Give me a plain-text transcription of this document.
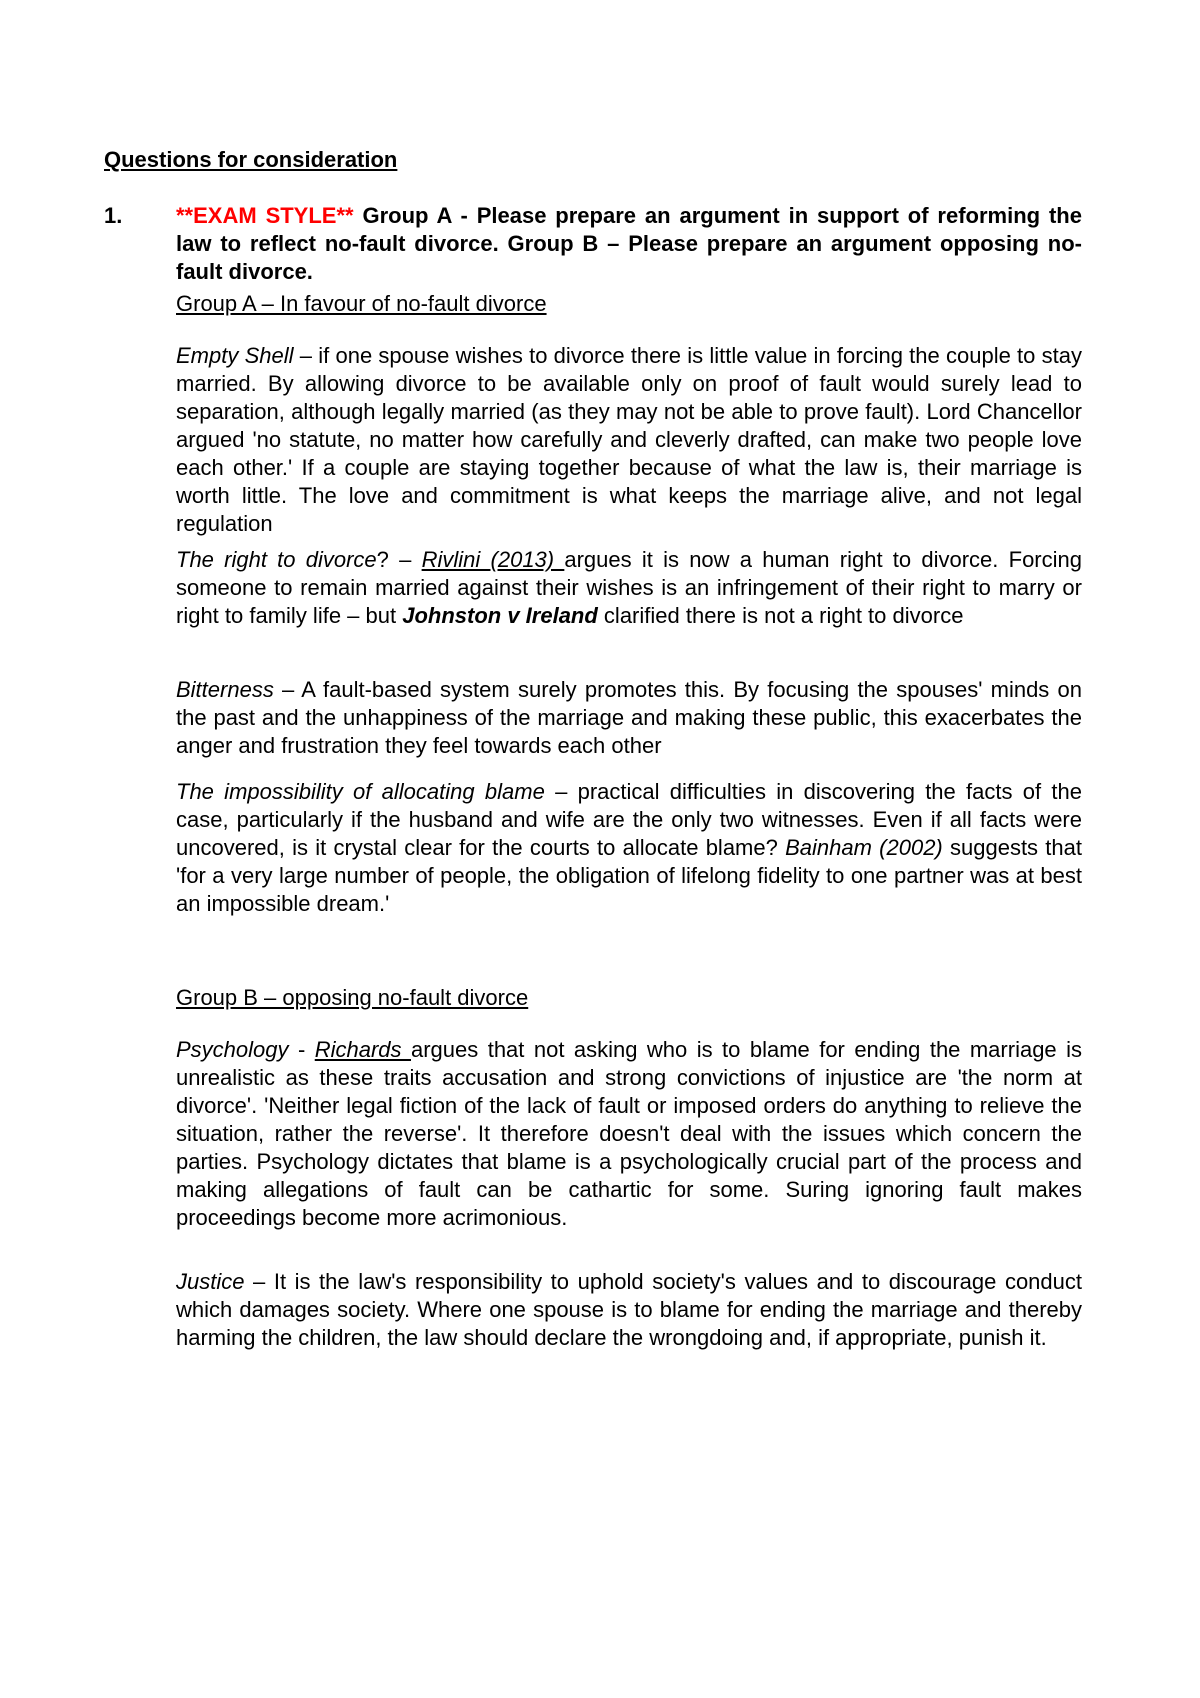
Questions for consideration
1. **EXAM STYLE** Group A - Please prepare an argument in support of reforming the law to reflect no-fault divorce. Group B – Please prepare an argument opposing no-fault divorce.

Group A – In favour of no-fault divorce

Empty Shell – if one spouse wishes to divorce there is little value in forcing the couple to stay married. By allowing divorce to be available only on proof of fault would surely lead to separation, although legally married (as they may not be able to prove fault). Lord Chancellor argued 'no statute, no matter how carefully and cleverly drafted, can make two people love each other.' If a couple are staying together because of what the law is, their marriage is worth little. The love and commitment is what keeps the marriage alive, and not legal regulation

The right to divorce? – Rivlini (2013) argues it is now a human right to divorce. Forcing someone to remain married against their wishes is an infringement of their right to marry or right to family life – but Johnston v Ireland clarified there is not a right to divorce

Bitterness – A fault-based system surely promotes this. By focusing the spouses' minds on the past and the unhappiness of the marriage and making these public, this exacerbates the anger and frustration they feel towards each other

The impossibility of allocating blame – practical difficulties in discovering the facts of the case, particularly if the husband and wife are the only two witnesses. Even if all facts were uncovered, is it crystal clear for the courts to allocate blame? Bainham (2002) suggests that 'for a very large number of people, the obligation of lifelong fidelity to one partner was at best an impossible dream.'

Group B – opposing no-fault divorce

Psychology - Richards argues that not asking who is to blame for ending the marriage is unrealistic as these traits accusation and strong convictions of injustice are 'the norm at divorce'. 'Neither legal fiction of the lack of fault or imposed orders do anything to relieve the situation, rather the reverse'. It therefore doesn't deal with the issues which concern the parties. Psychology dictates that blame is a psychologically crucial part of the process and making allegations of fault can be cathartic for some. Suring ignoring fault makes proceedings become more acrimonious.

Justice – It is the law's responsibility to uphold society's values and to discourage conduct which damages society. Where one spouse is to blame for ending the marriage and thereby harming the children, the law should declare the wrongdoing and, if appropriate, punish it.
